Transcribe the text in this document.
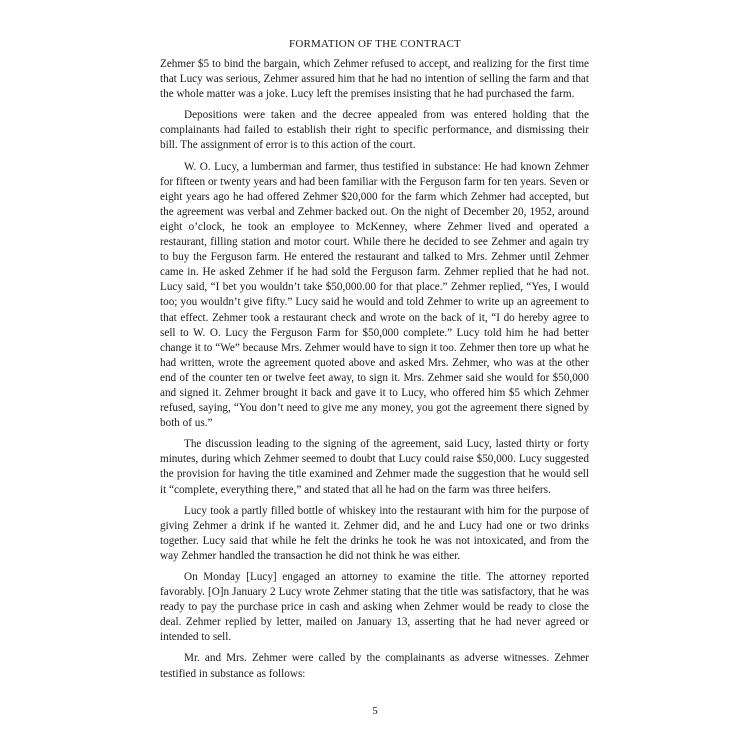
FORMATION OF THE CONTRACT

Zehmer $5 to bind the bargain, which Zehmer refused to accept, and realizing for the first time that Lucy was serious, Zehmer assured him that he had no intention of selling the farm and that the whole matter was a joke. Lucy left the premises insisting that he had purchased the farm.

Depositions were taken and the decree appealed from was entered holding that the complainants had failed to establish their right to specific performance, and dismissing their bill. The assignment of error is to this action of the court.

W. O. Lucy, a lumberman and farmer, thus testified in substance: He had known Zehmer for fifteen or twenty years and had been familiar with the Ferguson farm for ten years. Seven or eight years ago he had offered Zehmer $20,000 for the farm which Zehmer had accepted, but the agreement was verbal and Zehmer backed out. On the night of December 20, 1952, around eight o’clock, he took an employee to McKenney, where Zehmer lived and operated a restaurant, filling station and motor court. While there he decided to see Zehmer and again try to buy the Ferguson farm. He entered the restaurant and talked to Mrs. Zehmer until Zehmer came in. He asked Zehmer if he had sold the Ferguson farm. Zehmer replied that he had not. Lucy said, “I bet you wouldn’t take $50,000.00 for that place.” Zehmer replied, “Yes, I would too; you wouldn’t give fifty.” Lucy said he would and told Zehmer to write up an agreement to that effect. Zehmer took a restaurant check and wrote on the back of it, “I do hereby agree to sell to W. O. Lucy the Ferguson Farm for $50,000 complete.” Lucy told him he had better change it to “We” because Mrs. Zehmer would have to sign it too. Zehmer then tore up what he had written, wrote the agreement quoted above and asked Mrs. Zehmer, who was at the other end of the counter ten or twelve feet away, to sign it. Mrs. Zehmer said she would for $50,000 and signed it. Zehmer brought it back and gave it to Lucy, who offered him $5 which Zehmer refused, saying, “You don’t need to give me any money, you got the agreement there signed by both of us.”

The discussion leading to the signing of the agreement, said Lucy, lasted thirty or forty minutes, during which Zehmer seemed to doubt that Lucy could raise $50,000. Lucy suggested the provision for having the title examined and Zehmer made the suggestion that he would sell it “complete, everything there,” and stated that all he had on the farm was three heifers.

Lucy took a partly filled bottle of whiskey into the restaurant with him for the purpose of giving Zehmer a drink if he wanted it. Zehmer did, and he and Lucy had one or two drinks together. Lucy said that while he felt the drinks he took he was not intoxicated, and from the way Zehmer handled the transaction he did not think he was either.

On Monday [Lucy] engaged an attorney to examine the title. The attorney reported favorably. [O]n January 2 Lucy wrote Zehmer stating that the title was satisfactory, that he was ready to pay the purchase price in cash and asking when Zehmer would be ready to close the deal. Zehmer replied by letter, mailed on January 13, asserting that he had never agreed or intended to sell.

Mr. and Mrs. Zehmer were called by the complainants as adverse witnesses. Zehmer testified in substance as follows:

5
